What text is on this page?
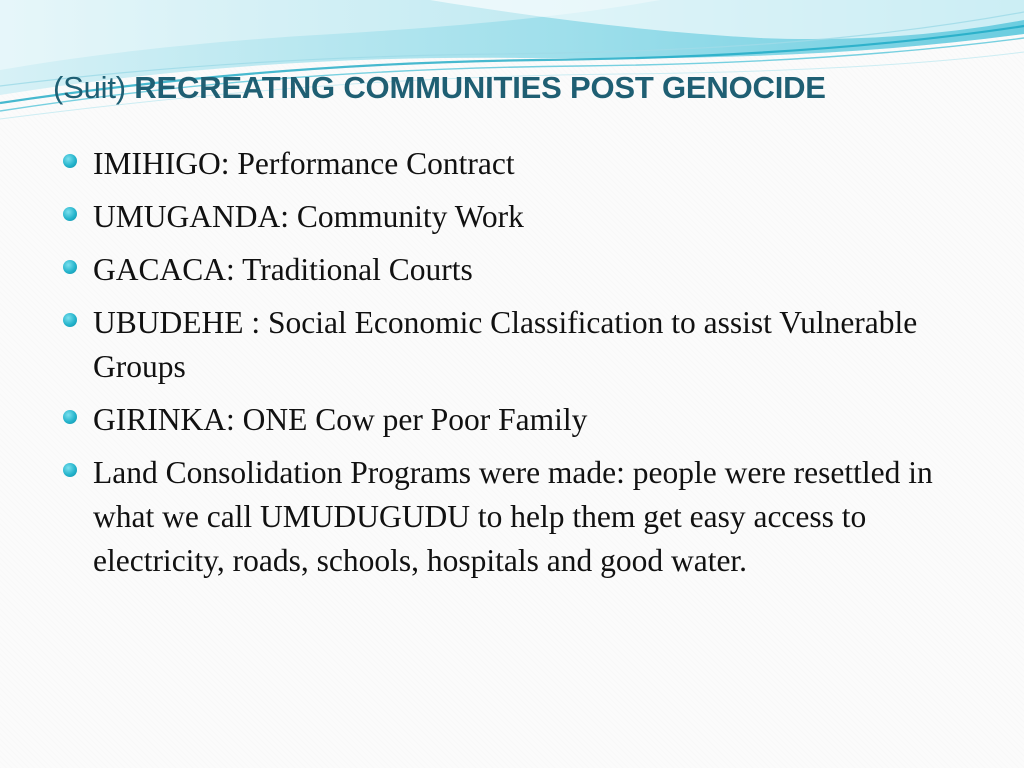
(Suit) RECREATING COMMUNITIES POST GENOCIDE
IMIHIGO: Performance Contract
UMUGANDA: Community Work
GACACA: Traditional Courts
UBUDEHE : Social Economic Classification to assist Vulnerable Groups
GIRINKA: ONE Cow per Poor Family
Land Consolidation Programs were made: people were resettled in what we call UMUDUGUDU to help them get easy access to electricity, roads, schools, hospitals and good water.
